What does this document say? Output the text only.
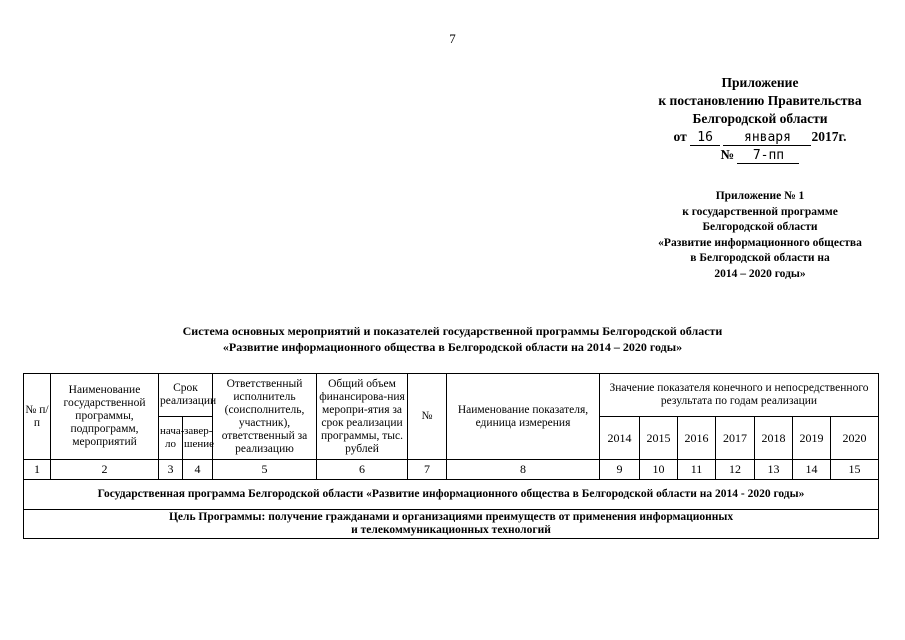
7
Приложение
к постановлению Правительства
Белгородской области
от 16 января 2017г.
№ 7-пп
Приложение № 1
к государственной программе
Белгородской области
«Развитие информационного общества
в Белгородской области на
2014 – 2020 годы»
Система основных мероприятий и показателей государственной программы Белгородской области
«Развитие информационного общества в Белгородской области на 2014 – 2020 годы»
№ п/п	Наименование государственной программы, подпрограмм, мероприятий	Срок реализации		Ответственный исполнитель (соисполнитель, участник), ответственный за реализацию	Общий объем финансирова-ния меропри-ятия за срок реализации программы, тыс. рублей	№	Наименование показателя, единица измерения	Значение показателя конечного и непосредственного результата по годам реализации						
		нача-ло	завер-шение					2014	2015	2016	2017	2018	2019	2020
1	2	3	4	5	6	7	8	9	10	11	12	13	14	15
Государственная программа Белгородской области «Развитие информационного общества в Белгородской области на 2014 - 2020 годы»														

Цель Программы: получение гражданами и организациями преимуществ от применения информационных
и телекоммуникационных технологий														
